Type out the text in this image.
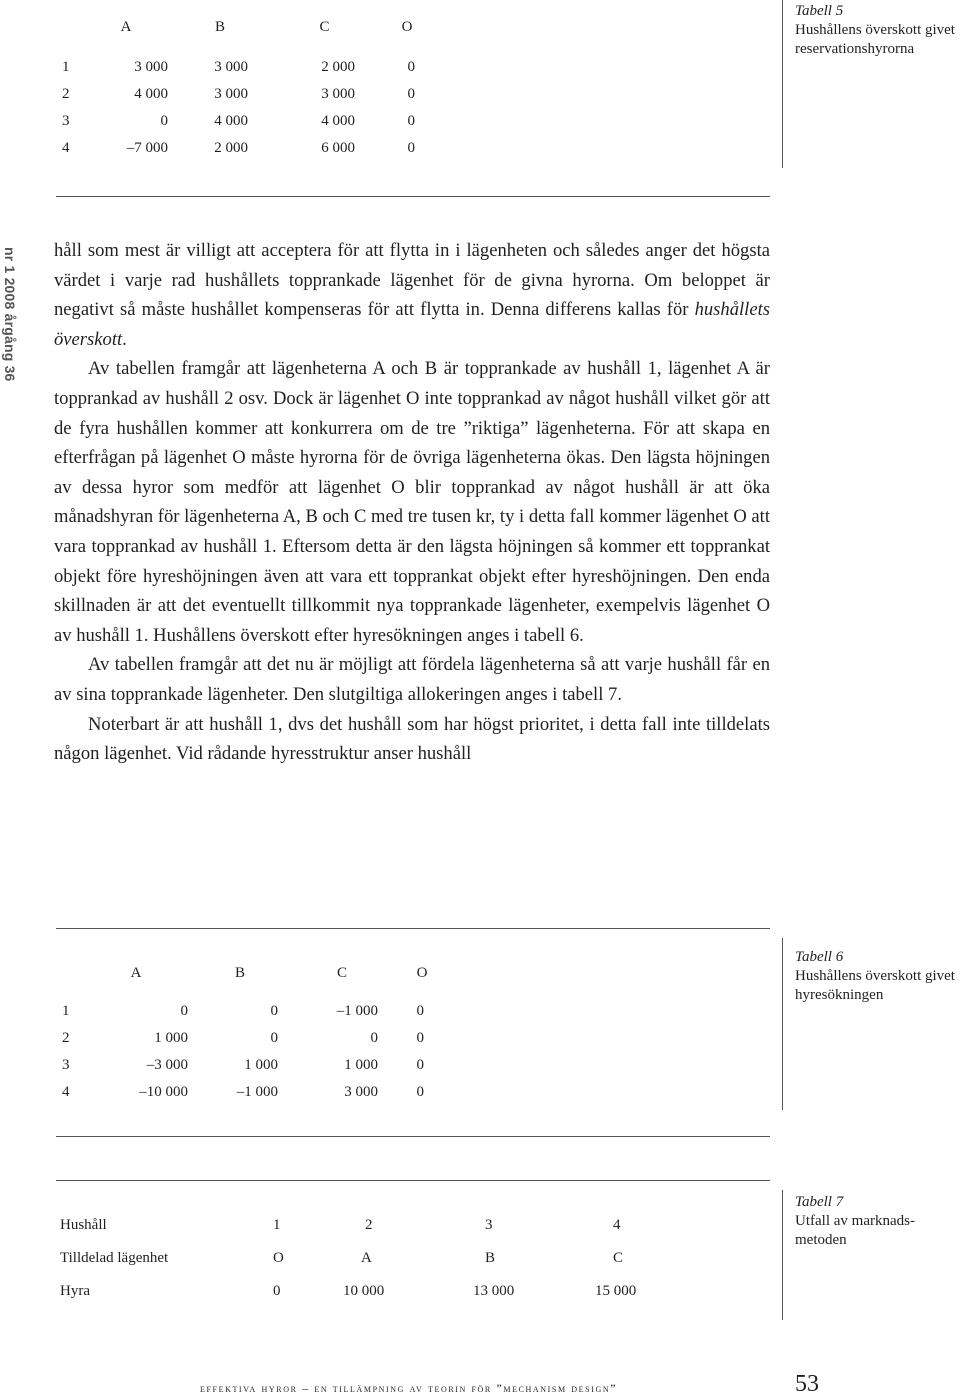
	A	B	C	O

1	3 000	3 000	2 000	0
2	4 000	3 000	3 000	0
3	0	4 000	4 000	0
4	–7 000	2 000	6 000	0
Tabell 5
Hushållens överskott givet reservationshyrorna
nr 1 2008 årgång 36 håll som mest är villigt att acceptera för att flytta in i lägenheten och således anger det högsta värdet i varje rad hushållets topprankade lägenhet för de givna hyrorna. Om beloppet är negativt så måste hushållet kompenseras för att flytta in. Denna differens kallas för hushållets överskott.

Av tabellen framgår att lägenheterna A och B är topprankade av hushåll 1, lägenhet A är topprankad av hushåll 2 osv. Dock är lägenhet O inte topprankad av något hushåll vilket gör att de fyra hushållen kommer att konkurrera om de tre ”riktiga” lägenheterna. För att skapa en efterfrågan på lägenhet O måste hyrorna för de övriga lägenheterna ökas. Den lägsta höjningen av dessa hyror som medför att lägenhet O blir topprankad av något hushåll är att öka månadshyran för lägenheterna A, B och C med tre tusen kr, ty i detta fall kommer lägenhet O att vara topprankad av hushåll 1. Eftersom detta är den lägsta höjningen så kommer ett topprankat objekt före hyreshöjningen även att vara ett topprankat objekt efter hyreshöjningen. Den enda skillnaden är att det eventuellt tillkommit nya topprankade lägenheter, exempelvis lägenhet O av hushåll 1. Hushållens överskott efter hyresökningen anges i tabell 6.

Av tabellen framgår att det nu är möjligt att fördela lägenheterna så att varje hushåll får en av sina topprankade lägenheter. Den slutgiltiga allokeringen anges i tabell 7.

Noterbart är att hushåll 1, dvs det hushåll som har högst prioritet, i detta fall inte tilldelats någon lägenhet. Vid rådande hyresstruktur anser hushåll

	A	B	C	O

1	0	0	–1 000	0
2	1 000	0	0	0
3	–3 000	1 000	1 000	0
4	–10 000	–1 000	3 000	0
Tabell 6
Hushållens överskott givet hyresökningen
Hushåll	1	2	3	4
Tilldelad lägenhet	O	A	B	C
Hyra	0	10 000	13 000	15 000
Tabell 7
Utfall av marknadsmetoden
effektiva hyror – en tillämpning av teorin för ”mechanism design”	53
